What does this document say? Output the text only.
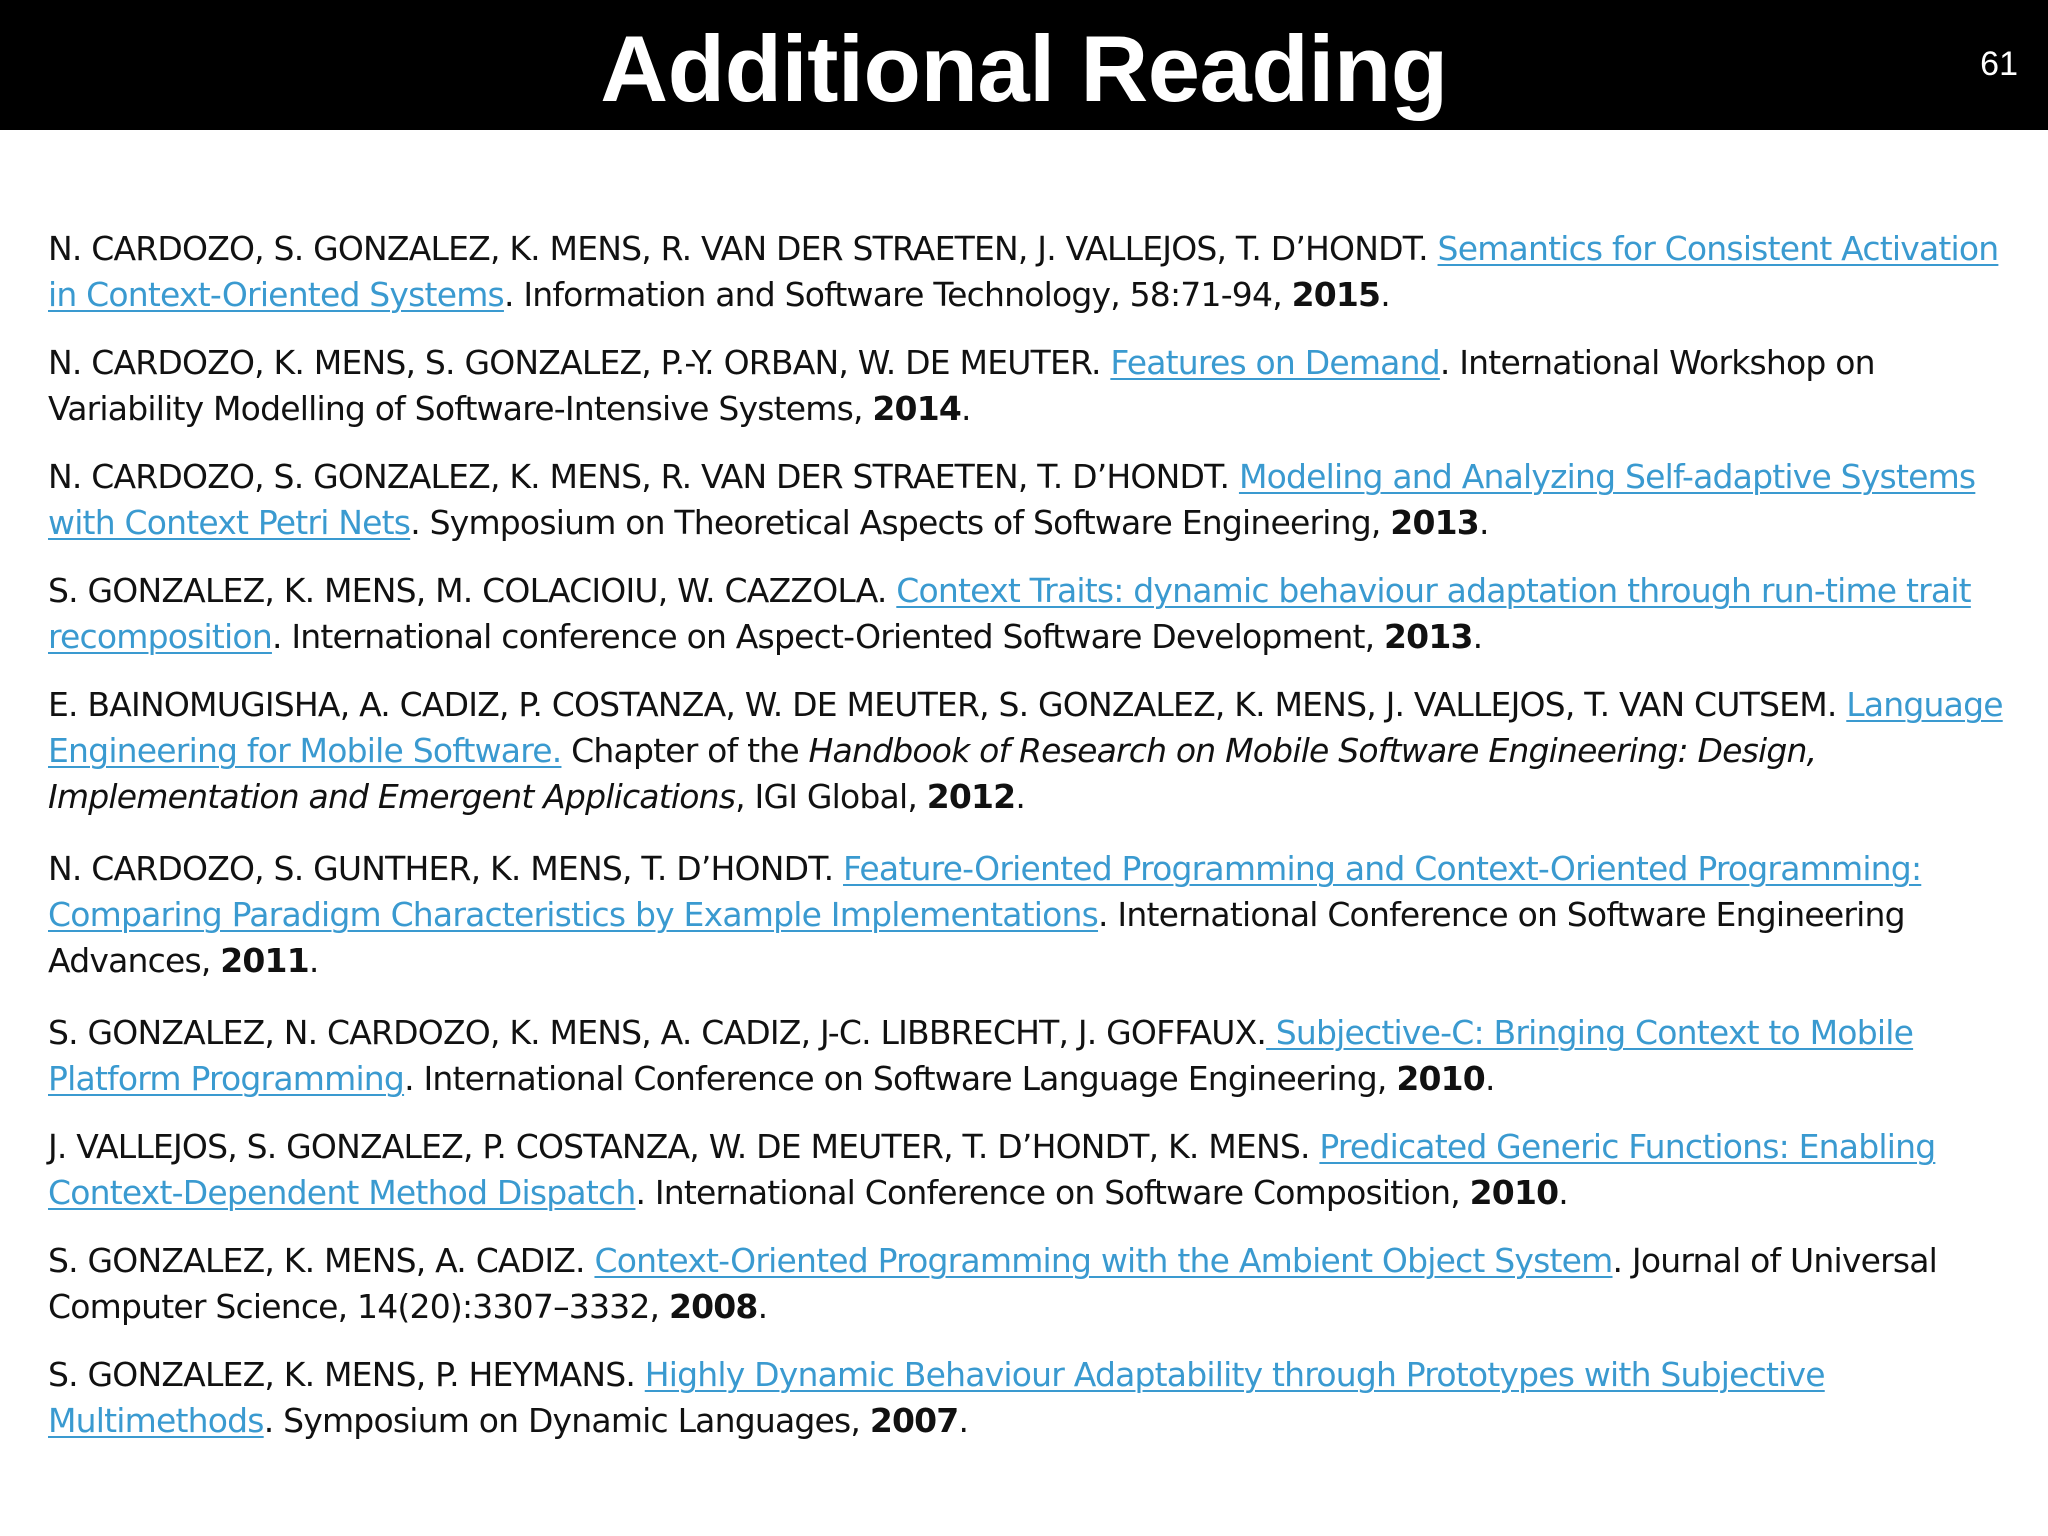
Additional Reading	61

N. CARDOZO, S. GONZALEZ, K. MENS, R. VAN DER STRAETEN, J. VALLEJOS, T. D’HONDT. Semantics for Consistent Activation in Context-Oriented Systems. Information and Software Technology, 58:71-94, 2015.

N. CARDOZO, K. MENS, S. GONZALEZ, P.-Y. ORBAN, W. DE MEUTER. Features on Demand. International Workshop on Variability Modelling of Software-Intensive Systems, 2014.

N. CARDOZO, S. GONZALEZ, K. MENS, R. VAN DER STRAETEN, T. D’HONDT. Modeling and Analyzing Self-adaptive Systems with Context Petri Nets. Symposium on Theoretical Aspects of Software Engineering, 2013.

S. GONZALEZ, K. MENS, M. COLACIOIU, W. CAZZOLA. Context Traits: dynamic behaviour adaptation through run-time trait recomposition. International conference on Aspect-Oriented Software Development, 2013.

E. BAINOMUGISHA, A. CADIZ, P. COSTANZA, W. DE MEUTER, S. GONZALEZ, K. MENS, J. VALLEJOS, T. VAN CUTSEM. Language Engineering for Mobile Software. Chapter of the Handbook of Research on Mobile Software Engineering: Design, Implementation and Emergent Applications, IGI Global, 2012.

N. CARDOZO, S. GUNTHER, K. MENS, T. D’HONDT. Feature-Oriented Programming and Context-Oriented Programming: Comparing Paradigm Characteristics by Example Implementations. International Conference on Software Engineering Advances, 2011.

S. GONZALEZ, N. CARDOZO, K. MENS, A. CADIZ, J-C. LIBBRECHT, J. GOFFAUX. Subjective-C: Bringing Context to Mobile Platform Programming. International Conference on Software Language Engineering, 2010.

J. VALLEJOS, S. GONZALEZ, P. COSTANZA, W. DE MEUTER, T. D’HONDT, K. MENS. Predicated Generic Functions: Enabling Context-Dependent Method Dispatch. International Conference on Software Composition, 2010.

S. GONZALEZ, K. MENS, A. CADIZ. Context-Oriented Programming with the Ambient Object System. Journal of Universal Computer Science, 14(20):3307–3332, 2008.

S. GONZALEZ, K. MENS, P. HEYMANS. Highly Dynamic Behaviour Adaptability through Prototypes with Subjective Multimethods. Symposium on Dynamic Languages, 2007.
